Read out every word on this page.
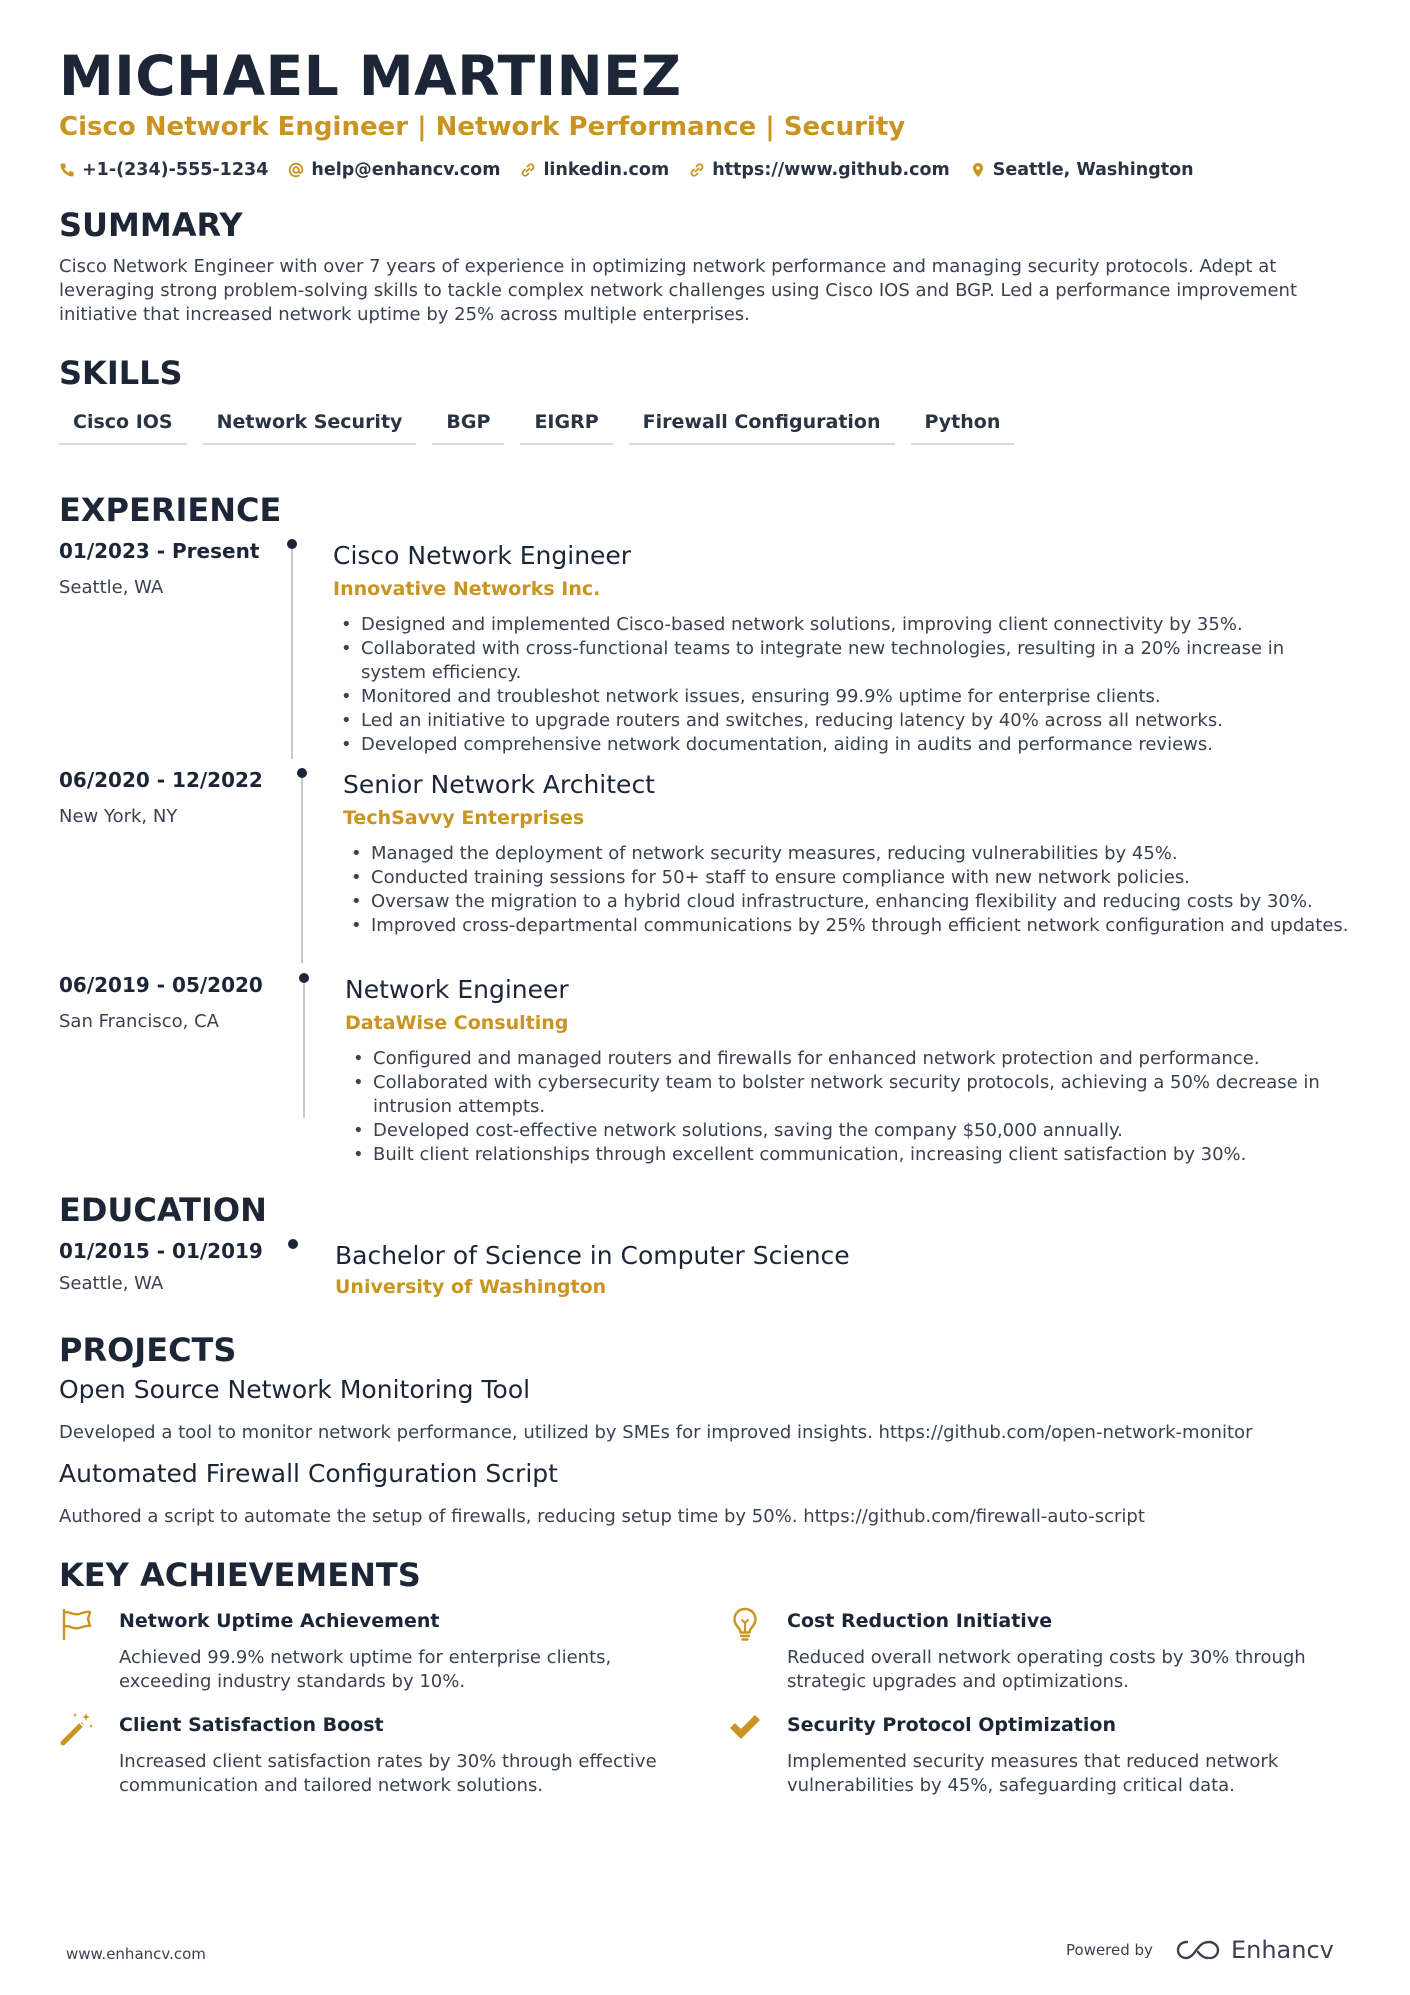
MICHAEL MARTINEZ
Cisco Network Engineer | Network Performance | Security
+1-(234)-555-1234 help@enhancv.com linkedin.com https://www.github.com Seattle, Washington
SUMMARY
Cisco Network Engineer with over 7 years of experience in optimizing network performance and managing security protocols. Adept at leveraging strong problem-solving skills to tackle complex network challenges using Cisco IOS and BGP. Led a performance improvement initiative that increased network uptime by 25% across multiple enterprises.
SKILLS
Cisco IOS	Network Security	BGP	EIGRP	Firewall Configuration	Python
EXPERIENCE
01/2023 - Present
Seattle, WA
Cisco Network Engineer
Innovative Networks Inc.
• Designed and implemented Cisco-based network solutions, improving client connectivity by 35%.
• Collaborated with cross-functional teams to integrate new technologies, resulting in a 20% increase in system efficiency.
• Monitored and troubleshot network issues, ensuring 99.9% uptime for enterprise clients.
• Led an initiative to upgrade routers and switches, reducing latency by 40% across all networks.
• Developed comprehensive network documentation, aiding in audits and performance reviews.
06/2020 - 12/2022
New York, NY
Senior Network Architect
TechSavvy Enterprises
• Managed the deployment of network security measures, reducing vulnerabilities by 45%.
• Conducted training sessions for 50+ staff to ensure compliance with new network policies.
• Oversaw the migration to a hybrid cloud infrastructure, enhancing flexibility and reducing costs by 30%.
• Improved cross-departmental communications by 25% through efficient network configuration and updates.
06/2019 - 05/2020
San Francisco, CA
Network Engineer
DataWise Consulting
• Configured and managed routers and firewalls for enhanced network protection and performance.
• Collaborated with cybersecurity team to bolster network security protocols, achieving a 50% decrease in intrusion attempts.
• Developed cost-effective network solutions, saving the company $50,000 annually.
• Built client relationships through excellent communication, increasing client satisfaction by 30%.
EDUCATION
01/2015 - 01/2019
Seattle, WA
Bachelor of Science in Computer Science
University of Washington
PROJECTS
Open Source Network Monitoring Tool
Developed a tool to monitor network performance, utilized by SMEs for improved insights. https://github.com/open-network-monitor
Automated Firewall Configuration Script
Authored a script to automate the setup of firewalls, reducing setup time by 50%. https://github.com/firewall-auto-script
KEY ACHIEVEMENTS
Network Uptime Achievement
Achieved 99.9% network uptime for enterprise clients, exceeding industry standards by 10%.
Cost Reduction Initiative
Reduced overall network operating costs by 30% through strategic upgrades and optimizations.
Client Satisfaction Boost
Increased client satisfaction rates by 30% through effective communication and tailored network solutions.
Security Protocol Optimization
Implemented security measures that reduced network vulnerabilities by 45%, safeguarding critical data.
www.enhancv.com	Powered by	Enhancv
